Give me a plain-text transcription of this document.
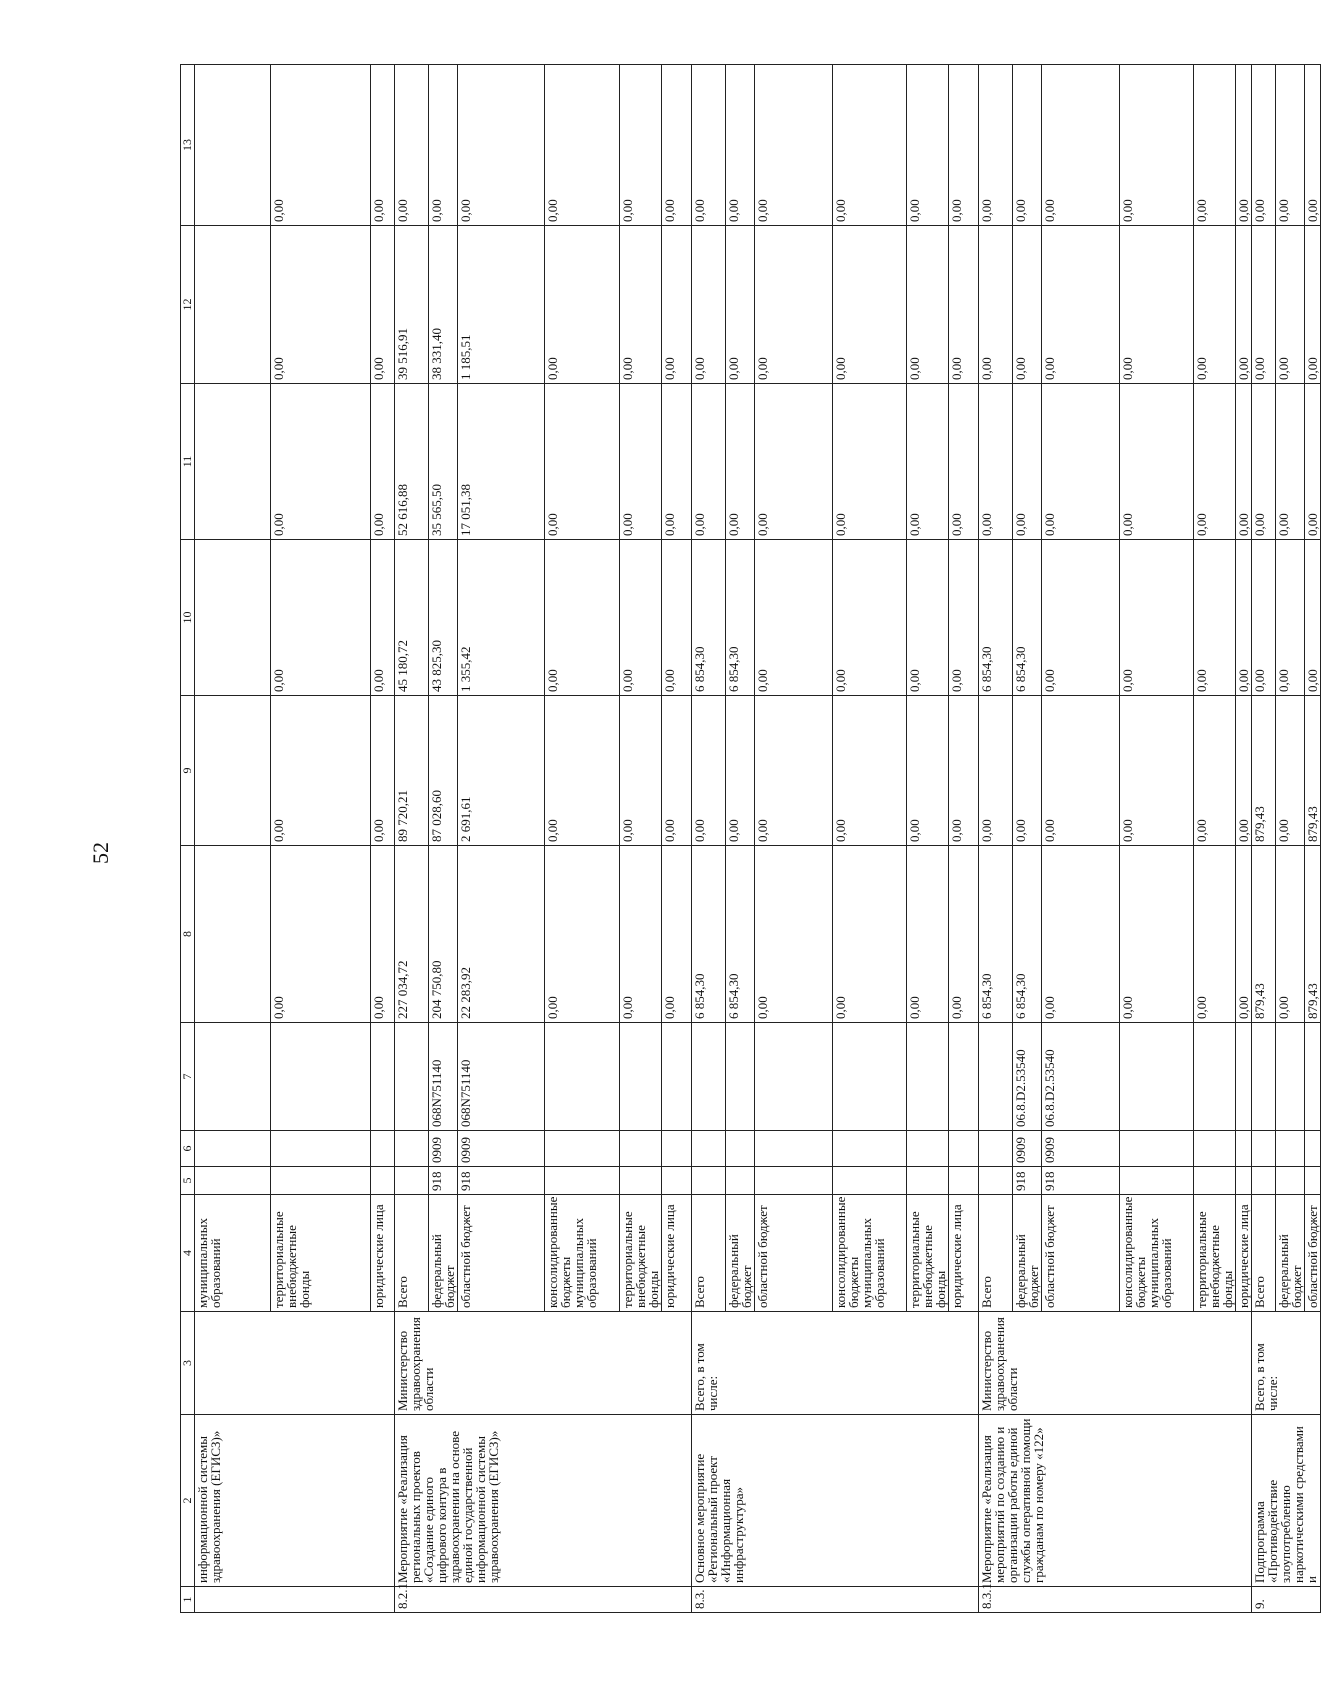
52
1	2	3	4	5	6	7	8	9	10	11	12	13
	информационной системы здравоохранения (ЕГИСЗ)»		муниципальных образований									
			территориальные внебюджетные фонды				0,00	0,00	0,00	0,00	0,00	0,00
			юридические лица				0,00	0,00	0,00	0,00	0,00	0,00
8.2.1.	Мероприятие «Реализация региональных проектов «Создание единого цифрового контура в здравоохранении на основе единой государственной информационной системы здравоохранения (ЕГИСЗ)»	Министерство здравоохранения области	Всего				227 034,72	89 720,21	45 180,72	52 616,88	39 516,91	0,00
			федеральный бюджет	918	0909	068N751140	204 750,80	87 028,60	43 825,30	35 565,50	38 331,40	0,00
			областной бюджет	918	0909	068N751140	22 283,92	2 691,61	1 355,42	17 051,38	1 185,51	0,00
			консолидированные бюджеты муниципальных образований				0,00	0,00	0,00	0,00	0,00	0,00
			территориальные внебюджетные фонды				0,00	0,00	0,00	0,00	0,00	0,00
			юридические лица				0,00	0,00	0,00	0,00	0,00	0,00
8.3.	Основное мероприятие «Региональный проект «Информационная инфраструктура»	Всего, в том числе:	Всего				6 854,30	0,00	6 854,30	0,00	0,00	0,00
			федеральный бюджет				6 854,30	0,00	6 854,30	0,00	0,00	0,00
			областной бюджет				0,00	0,00	0,00	0,00	0,00	0,00
			консолидированные бюджеты муниципальных образований				0,00	0,00	0,00	0,00	0,00	0,00
			территориальные внебюджетные фонды				0,00	0,00	0,00	0,00	0,00	0,00
			юридические лица				0,00	0,00	0,00	0,00	0,00	0,00
8.3.1.	Мероприятие «Реализация мероприятий по созданию и организации работы единой службы оперативной помощи гражданам по номеру «122»	Министерство здравоохранения области	Всего				6 854,30	0,00	6 854,30	0,00	0,00	0,00
			федеральный бюджет	918	0909	06.8.D2.53540	6 854,30	0,00	6 854,30	0,00	0,00	0,00
			областной бюджет	918	0909	06.8.D2.53540	0,00	0,00	0,00	0,00	0,00	0,00
			консолидированные бюджеты муниципальных образований				0,00	0,00	0,00	0,00	0,00	0,00
			территориальные внебюджетные фонды				0,00	0,00	0,00	0,00	0,00	0,00
			юридические лица				0,00	0,00	0,00	0,00	0,00	0,00
9.	Подпрограмма «Противодействие злоупотреблению наркотическими средствами и	Всего, в том числе:	Всего				879,43	879,43	0,00	0,00	0,00	0,00
			федеральный бюджет				0,00	0,00	0,00	0,00	0,00	0,00
			областной бюджет				879,43	879,43	0,00	0,00	0,00	0,00
